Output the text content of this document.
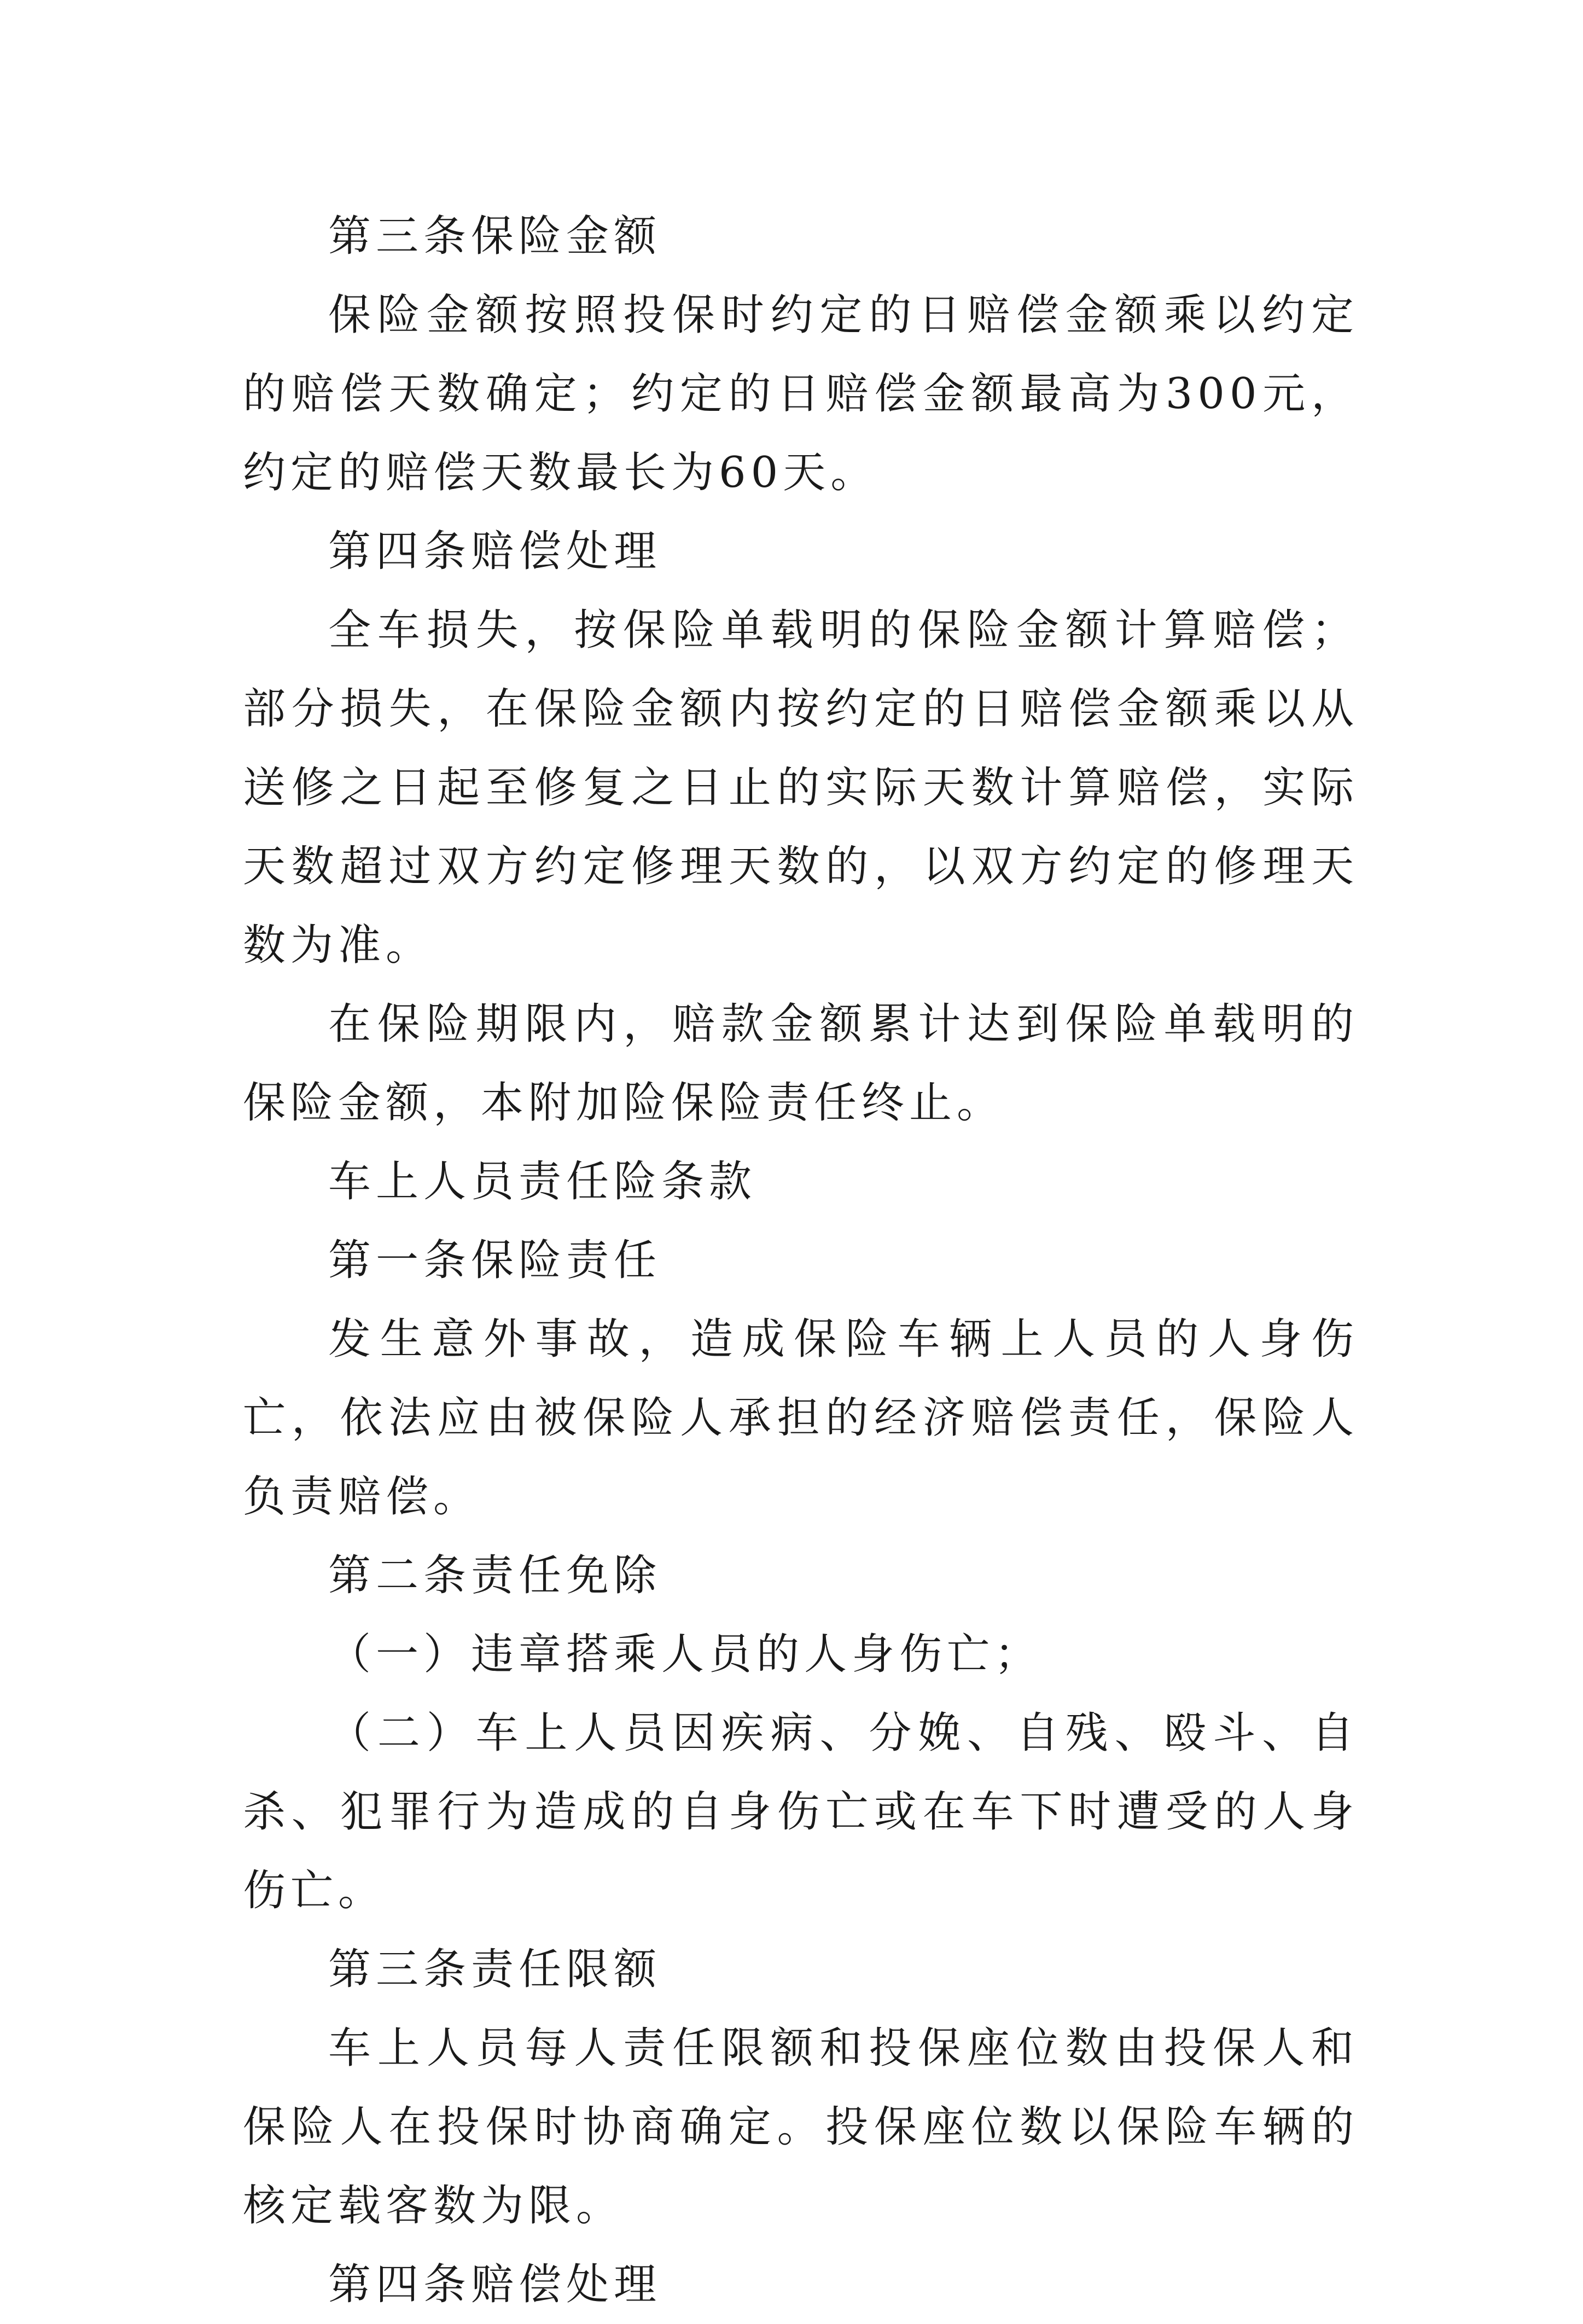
第三条保险金额

保险金额按照投保时约定的日赔偿金额乘以约定的赔偿天数确定；约定的日赔偿金额最高为300元，约定的赔偿天数最长为60天。

第四条赔偿处理

全车损失，按保险单载明的保险金额计算赔偿；部分损失，在保险金额内按约定的日赔偿金额乘以从送修之日起至修复之日止的实际天数计算赔偿，实际天数超过双方约定修理天数的，以双方约定的修理天数为准。

在保险期限内，赔款金额累计达到保险单载明的保险金额，本附加险保险责任终止。

车上人员责任险条款

第一条保险责任

发生意外事故，造成保险车辆上人员的人身伤亡，依法应由被保险人承担的经济赔偿责任，保险人负责赔偿。

第二条责任免除

（一）违章搭乘人员的人身伤亡；

（二）车上人员因疾病、分娩、自残、殴斗、自杀、犯罪行为造成的自身伤亡或在车下时遭受的人身伤亡。

第三条责任限额

车上人员每人责任限额和投保座位数由投保人和保险人在投保时协商确定。投保座位数以保险车辆的核定载客数为限。

第四条赔偿处理
